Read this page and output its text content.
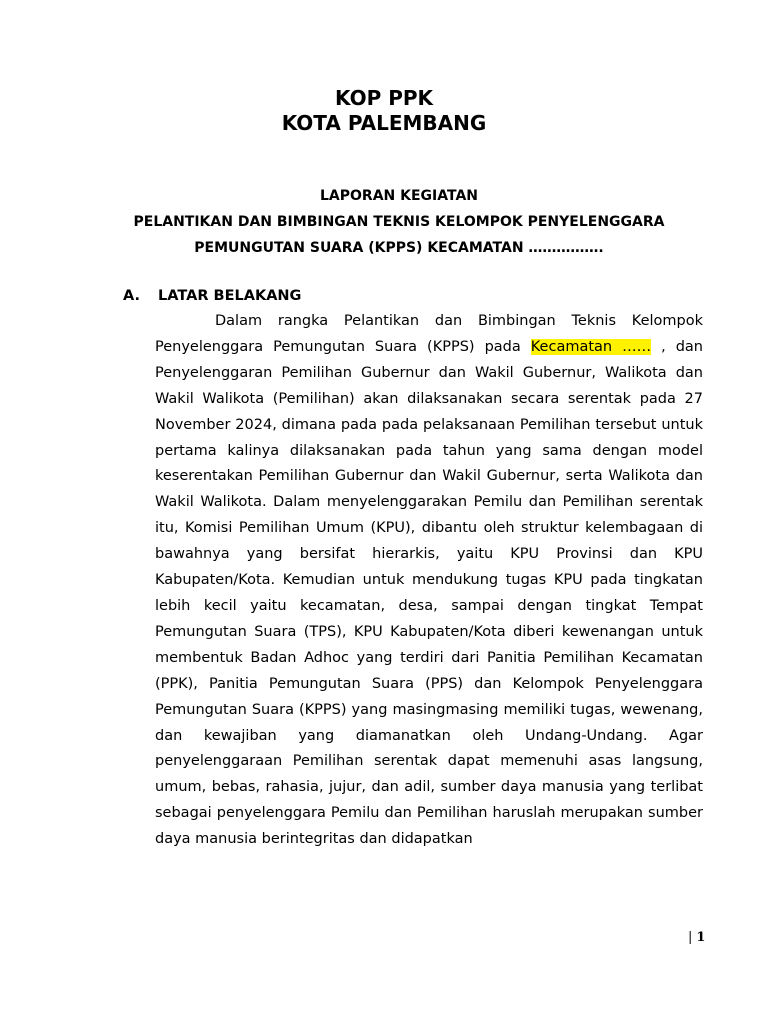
KOP PPK
KOTA PALEMBANG
LAPORAN KEGIATAN
PELANTIKAN DAN BIMBINGAN TEKNIS KELOMPOK PENYELENGGARA
PEMUNGUTAN SUARA (KPPS) KECAMATAN …………….
A. LATAR BELAKANG

Dalam rangka Pelantikan dan Bimbingan Teknis Kelompok Penyelenggara Pemungutan Suara (KPPS) pada Kecamatan …… , dan Penyelenggaran Pemilihan Gubernur dan Wakil Gubernur, Walikota dan Wakil Walikota (Pemilihan) akan dilaksanakan secara serentak pada 27 November 2024, dimana pada pada pelaksanaan Pemilihan tersebut untuk pertama kalinya dilaksanakan pada tahun yang sama dengan model keserentakan Pemilihan Gubernur dan Wakil Gubernur, serta Walikota dan Wakil Walikota. Dalam menyelenggarakan Pemilu dan Pemilihan serentak itu, Komisi Pemilihan Umum (KPU), dibantu oleh struktur kelembagaan di bawahnya yang bersifat hierarkis, yaitu KPU Provinsi dan KPU Kabupaten/Kota. Kemudian untuk mendukung tugas KPU pada tingkatan lebih kecil yaitu kecamatan, desa, sampai dengan tingkat Tempat Pemungutan Suara (TPS), KPU Kabupaten/Kota diberi kewenangan untuk membentuk Badan Adhoc yang terdiri dari Panitia Pemilihan Kecamatan (PPK), Panitia Pemungutan Suara (PPS) dan Kelompok Penyelenggara Pemungutan Suara (KPPS) yang masingmasing memiliki tugas, wewenang, dan kewajiban yang diamanatkan oleh Undang-Undang. Agar penyelenggaraan Pemilihan serentak dapat memenuhi asas langsung, umum, bebas, rahasia, jujur, dan adil, sumber daya manusia yang terlibat sebagai penyelenggara Pemilu dan Pemilihan haruslah merupakan sumber daya manusia berintegritas dan didapatkan

| 1
